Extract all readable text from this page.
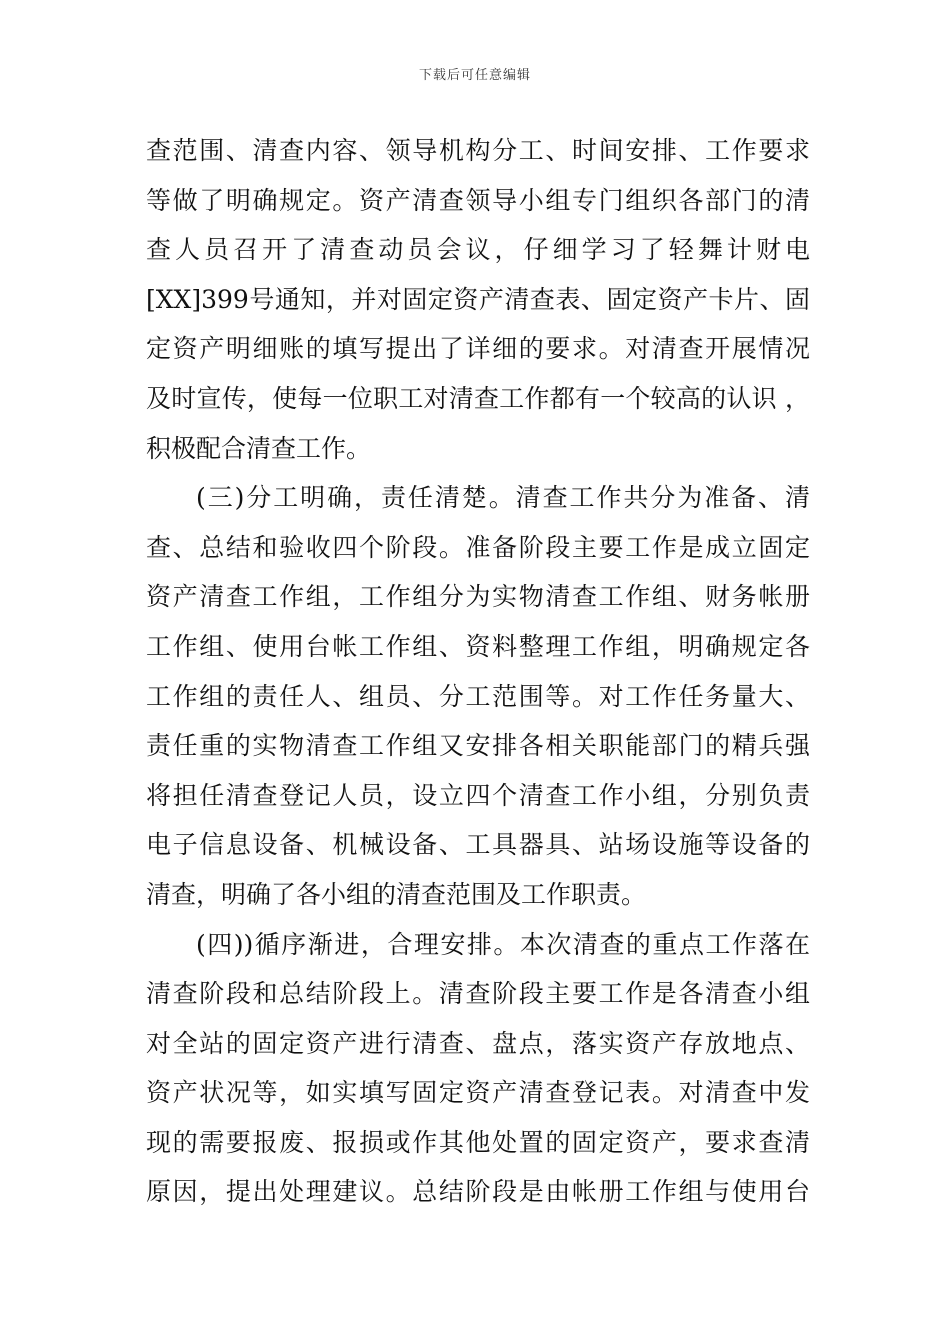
下载后可任意编辑
查范围、清查内容、领导机构分工、时间安排、工作要求
等做了明确规定。资产清查领导小组专门组织各部门的清
查人员召开了清查动员会议，仔细学习了轻舞计财电
[XX]399号通知，并对固定资产清查表、固定资产卡片、固
定资产明细账的填写提出了详细的要求。对清查开展情况
及时宣传，使每一位职工对清查工作都有一个较高的认识 ，
积极配合清查工作。
(三)分工明确，责任清楚。清查工作共分为准备、清
查、总结和验收四个阶段。准备阶段主要工作是成立固定
资产清查工作组，工作组分为实物清查工作组、财务帐册
工作组、使用台帐工作组、资料整理工作组，明确规定各
工作组的责任人、组员、分工范围等。对工作任务量大、
责任重的实物清查工作组又安排各相关职能部门的精兵强
将担任清查登记人员，设立四个清查工作小组，分别负责
电子信息设备、机械设备、工具器具、站场设施等设备的
清查，明确了各小组的清查范围及工作职责。
(四))循序渐进，合理安排。本次清查的重点工作落在
清查阶段和总结阶段上。清查阶段主要工作是各清查小组
对全站的固定资产进行清查、盘点，落实资产存放地点、
资产状况等，如实填写固定资产清查登记表。对清查中发
现的需要报废、报损或作其他处置的固定资产，要求查清
原因，提出处理建议。总结阶段是由帐册工作组与使用台
